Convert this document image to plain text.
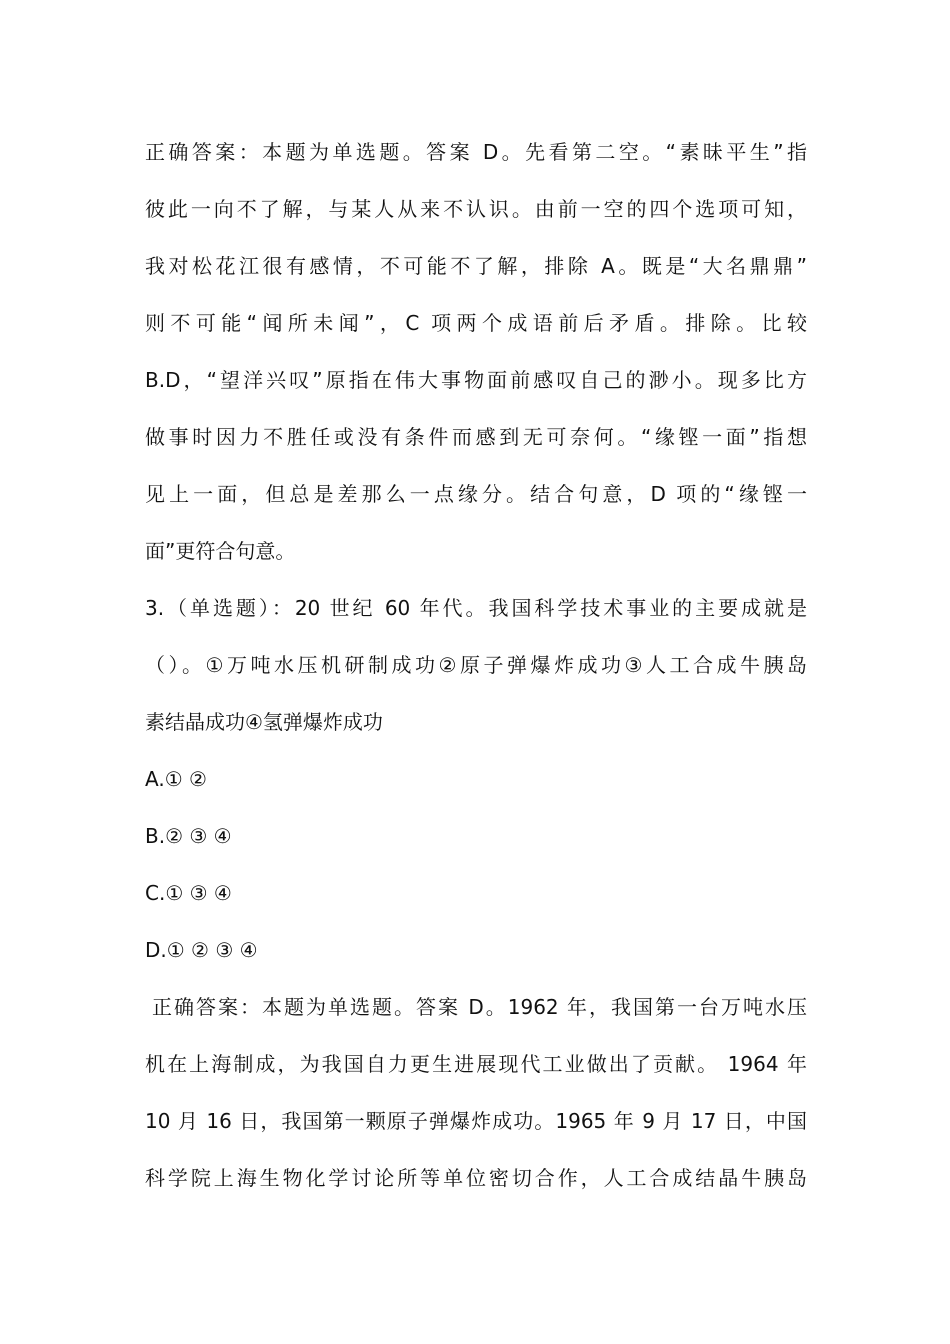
正确答案：本题为单选题。答案 D。先看第二空。“素昧平生”指
彼此一向不了解，与某人从来不认识。由前一空的四个选项可知，
我对松花江很有感情，不可能不了解，排除 A。既是“大名鼎鼎”
则不可能“闻所未闻”，C 项两个成语前后矛盾。排除。比较
B.D，“望洋兴叹”原指在伟大事物面前感叹自己的渺小。现多比方
做事时因力不胜任或没有条件而感到无可奈何。“缘铿一面”指想
见上一面，但总是差那么一点缘分。结合句意，D 项的“缘铿一
面”更符合句意。
3.（单选题）：20 世纪 60 年代。我国科学技术事业的主要成就是
（）。①万吨水压机研制成功②原子弹爆炸成功③人工合成牛胰岛
素结晶成功④氢弹爆炸成功
A.① ②
B.② ③ ④
C.① ③ ④
D.① ② ③ ④
正确答案：本题为单选题。答案 D。1962 年，我国第一台万吨水压
机在上海制成，为我国自力更生进展现代工业做出了贡献。 1964 年
10 月 16 日，我国第一颗原子弹爆炸成功。1965 年 9 月 17 日，中国
科学院上海生物化学讨论所等单位密切合作，人工合成结晶牛胰岛
